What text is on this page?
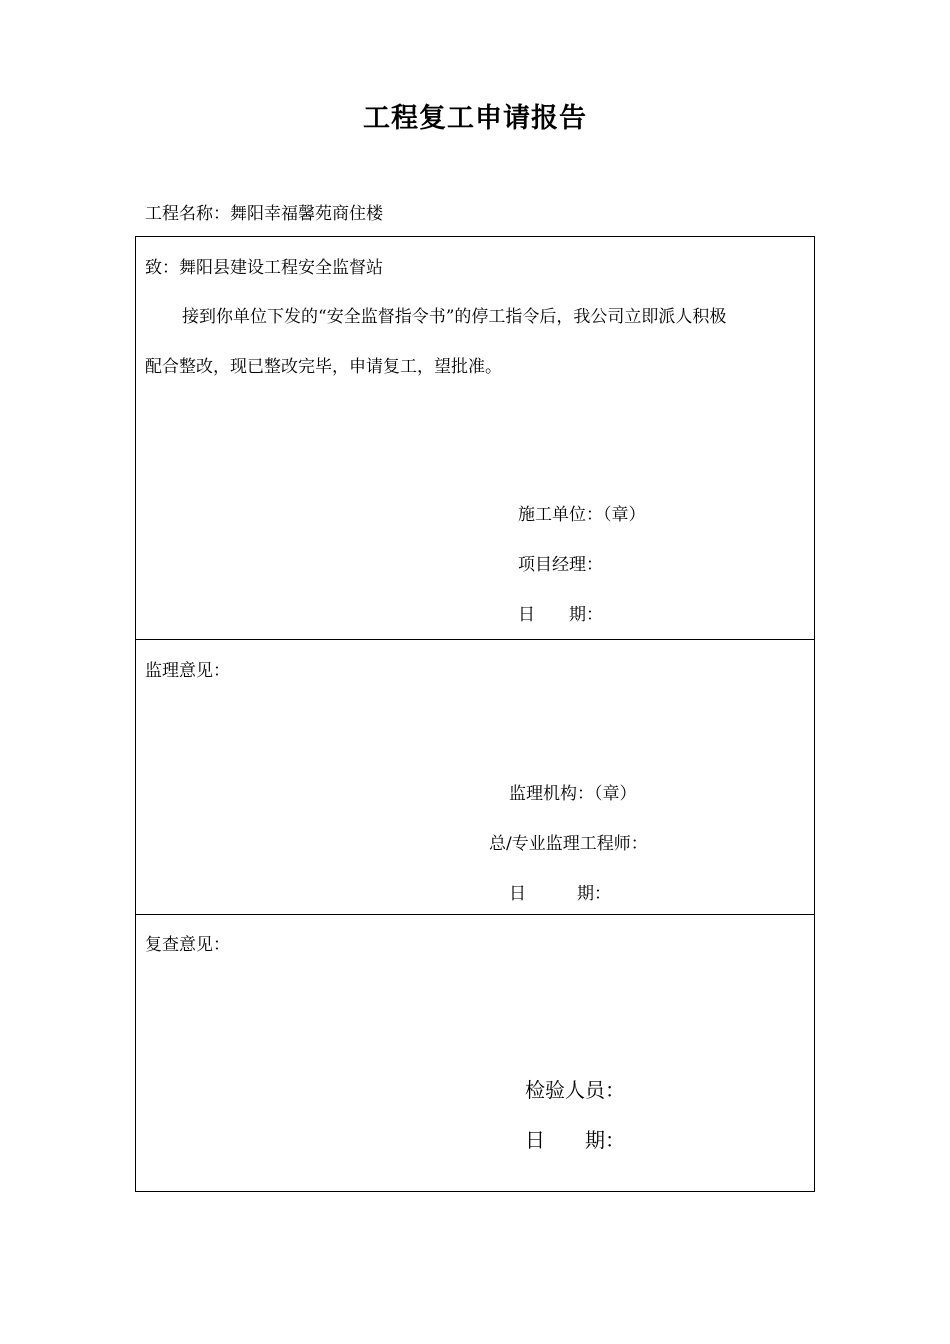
工程复工申请报告
工程名称：舞阳幸福馨苑商住楼
致：舞阳县建设工程安全监督站
接到你单位下发的“安全监督指令书”的停工指令后，我公司立即派人积极
配合整改，现已整改完毕，申请复工，望批准。
施工单位：（章）
项目经理：
日　　期：
监理意见：
监理机构：（章）
总/专业监理工程师：
日　　　期：
复查意见：
检验人员：
日　　期：
